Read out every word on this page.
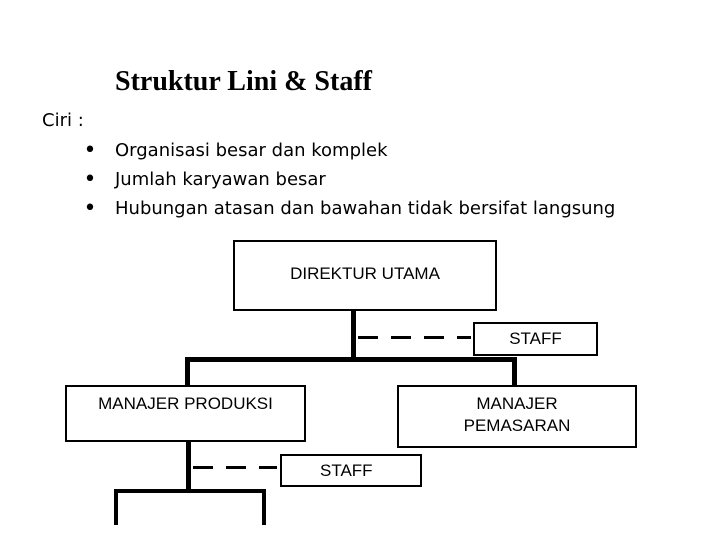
Struktur Lini & Staff
Ciri :
• Organisasi besar dan komplek
• Jumlah karyawan besar
• Hubungan atasan dan bawahan tidak bersifat langsung
DIREKTUR UTAMA
STAFF
MANAJER PRODUKSI	MANAJER
PEMASARAN
STAFF
